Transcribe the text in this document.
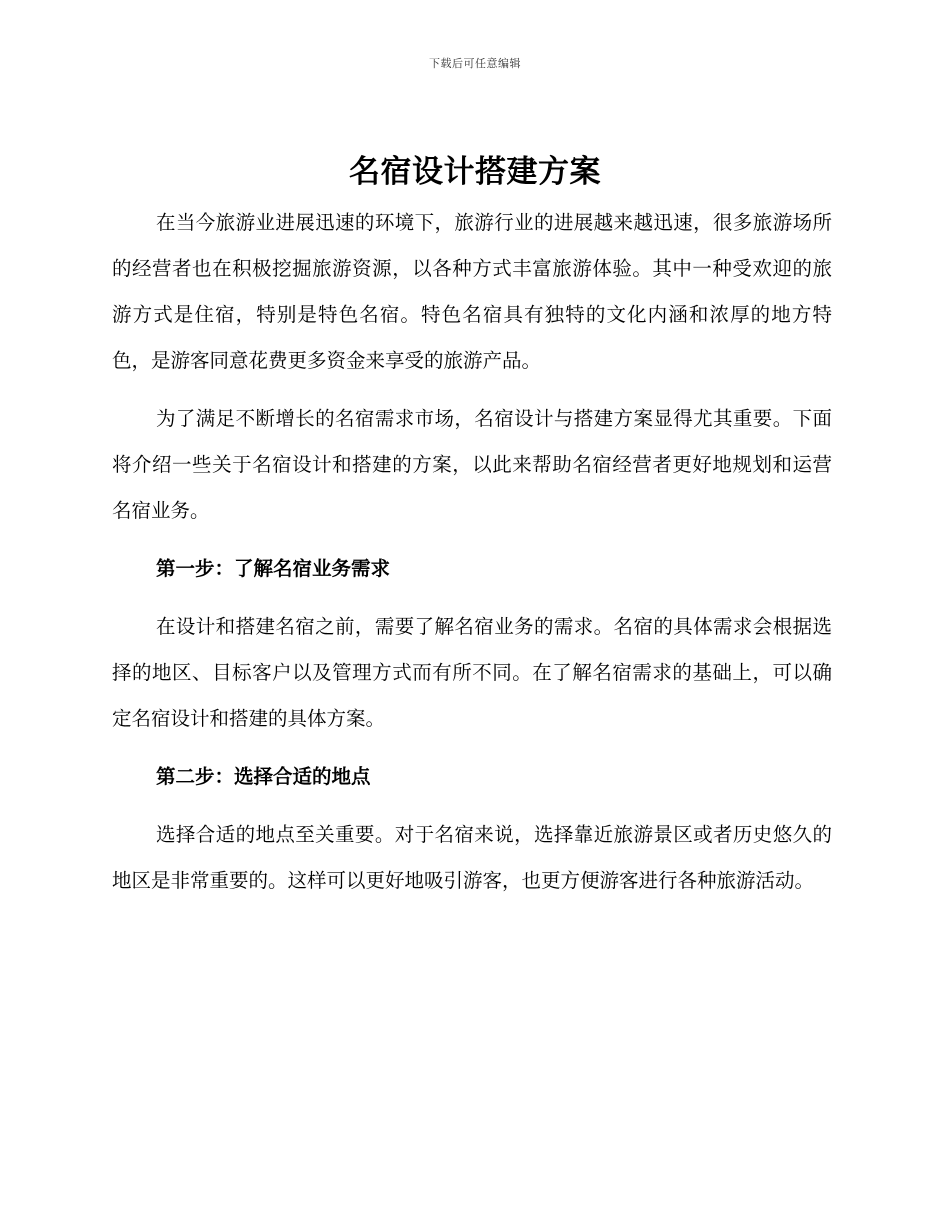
下载后可任意编辑
名宿设计搭建方案

在当今旅游业进展迅速的环境下，旅游行业的进展越来越迅速，很多旅游场所的经营者也在积极挖掘旅游资源，以各种方式丰富旅游体验。其中一种受欢迎的旅游方式是住宿，特别是特色名宿。特色名宿具有独特的文化内涵和浓厚的地方特色，是游客同意花费更多资金来享受的旅游产品。

为了满足不断增长的名宿需求市场，名宿设计与搭建方案显得尤其重要。下面将介绍一些关于名宿设计和搭建的方案，以此来帮助名宿经营者更好地规划和运营名宿业务。

第一步：了解名宿业务需求

在设计和搭建名宿之前，需要了解名宿业务的需求。名宿的具体需求会根据选择的地区、目标客户以及管理方式而有所不同。在了解名宿需求的基础上，可以确定名宿设计和搭建的具体方案。

第二步：选择合适的地点

选择合适的地点至关重要。对于名宿来说，选择靠近旅游景区或者历史悠久的地区是非常重要的。这样可以更好地吸引游客，也更方便游客进行各种旅游活动。
